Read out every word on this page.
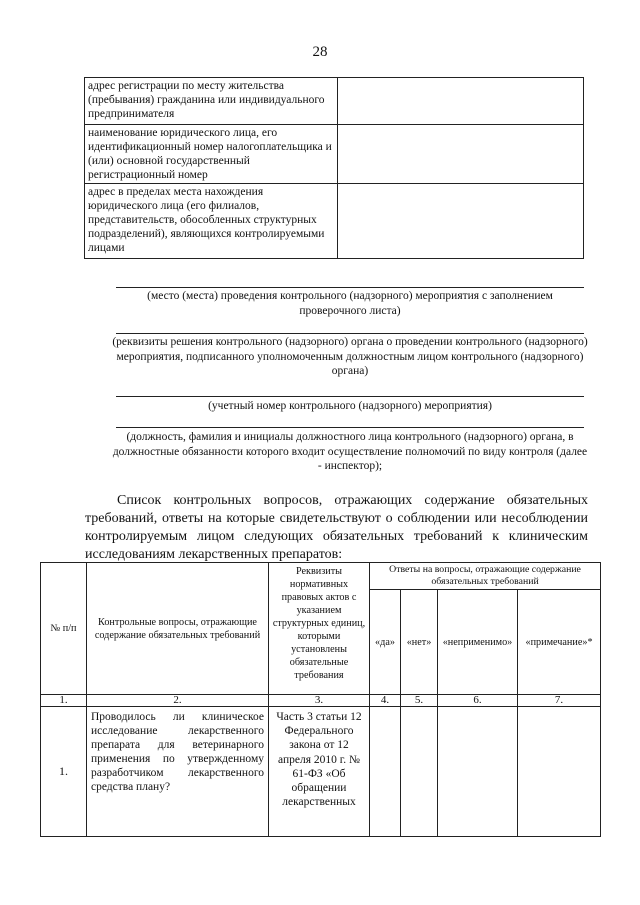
28
адрес регистрации по месту жительства (пребывания) гражданина или индивидуального предпринимателя	
наименование юридического лица, его идентификационный номер налогоплательщика и (или) основной государственный регистрационный номер	
адрес в пределах места нахождения юридического лица (его филиалов, представительств, обособленных структурных подразделений), являющихся контролируемыми лицами	
(место (места) проведения контрольного (надзорного) мероприятия с заполнением проверочного листа)
(реквизиты решения контрольного (надзорного) органа о проведении контрольного (надзорного) мероприятия, подписанного уполномоченным должностным лицом контрольного (надзорного) органа)
(учетный номер контрольного (надзорного) мероприятия)
(должность, фамилия и инициалы должностного лица контрольного (надзорного) органа, в должностные обязанности которого входит осуществление полномочий по виду контроля (далее - инспектор);
Список контрольных вопросов, отражающих содержание обязательных требований, ответы на которые свидетельствуют о соблюдении или несоблюдении контролируемым лицом следующих обязательных требований к клиническим исследованиям лекарственных препаратов:
№ п/п	Контрольные вопросы, отражающие содержание обязательных требований	Реквизиты нормативных правовых актов с указанием структурных единиц, которыми установлены обязательные требования	Ответы на вопросы, отражающие содержание обязательных требований			
			«да»	«нет»	«неприменимо»	«примечание»*
1.	2.	3.	4.	5.	6.	7.
1.	Проводилось ли клиническое исследование лекарственного препарата для ветеринарного применения по утвержденному разработчиком лекарственного средства плану?	Часть 3 статьи 12 Федерального закона от 12 апреля 2010 г. № 61-ФЗ «Об обращении лекарственных				
